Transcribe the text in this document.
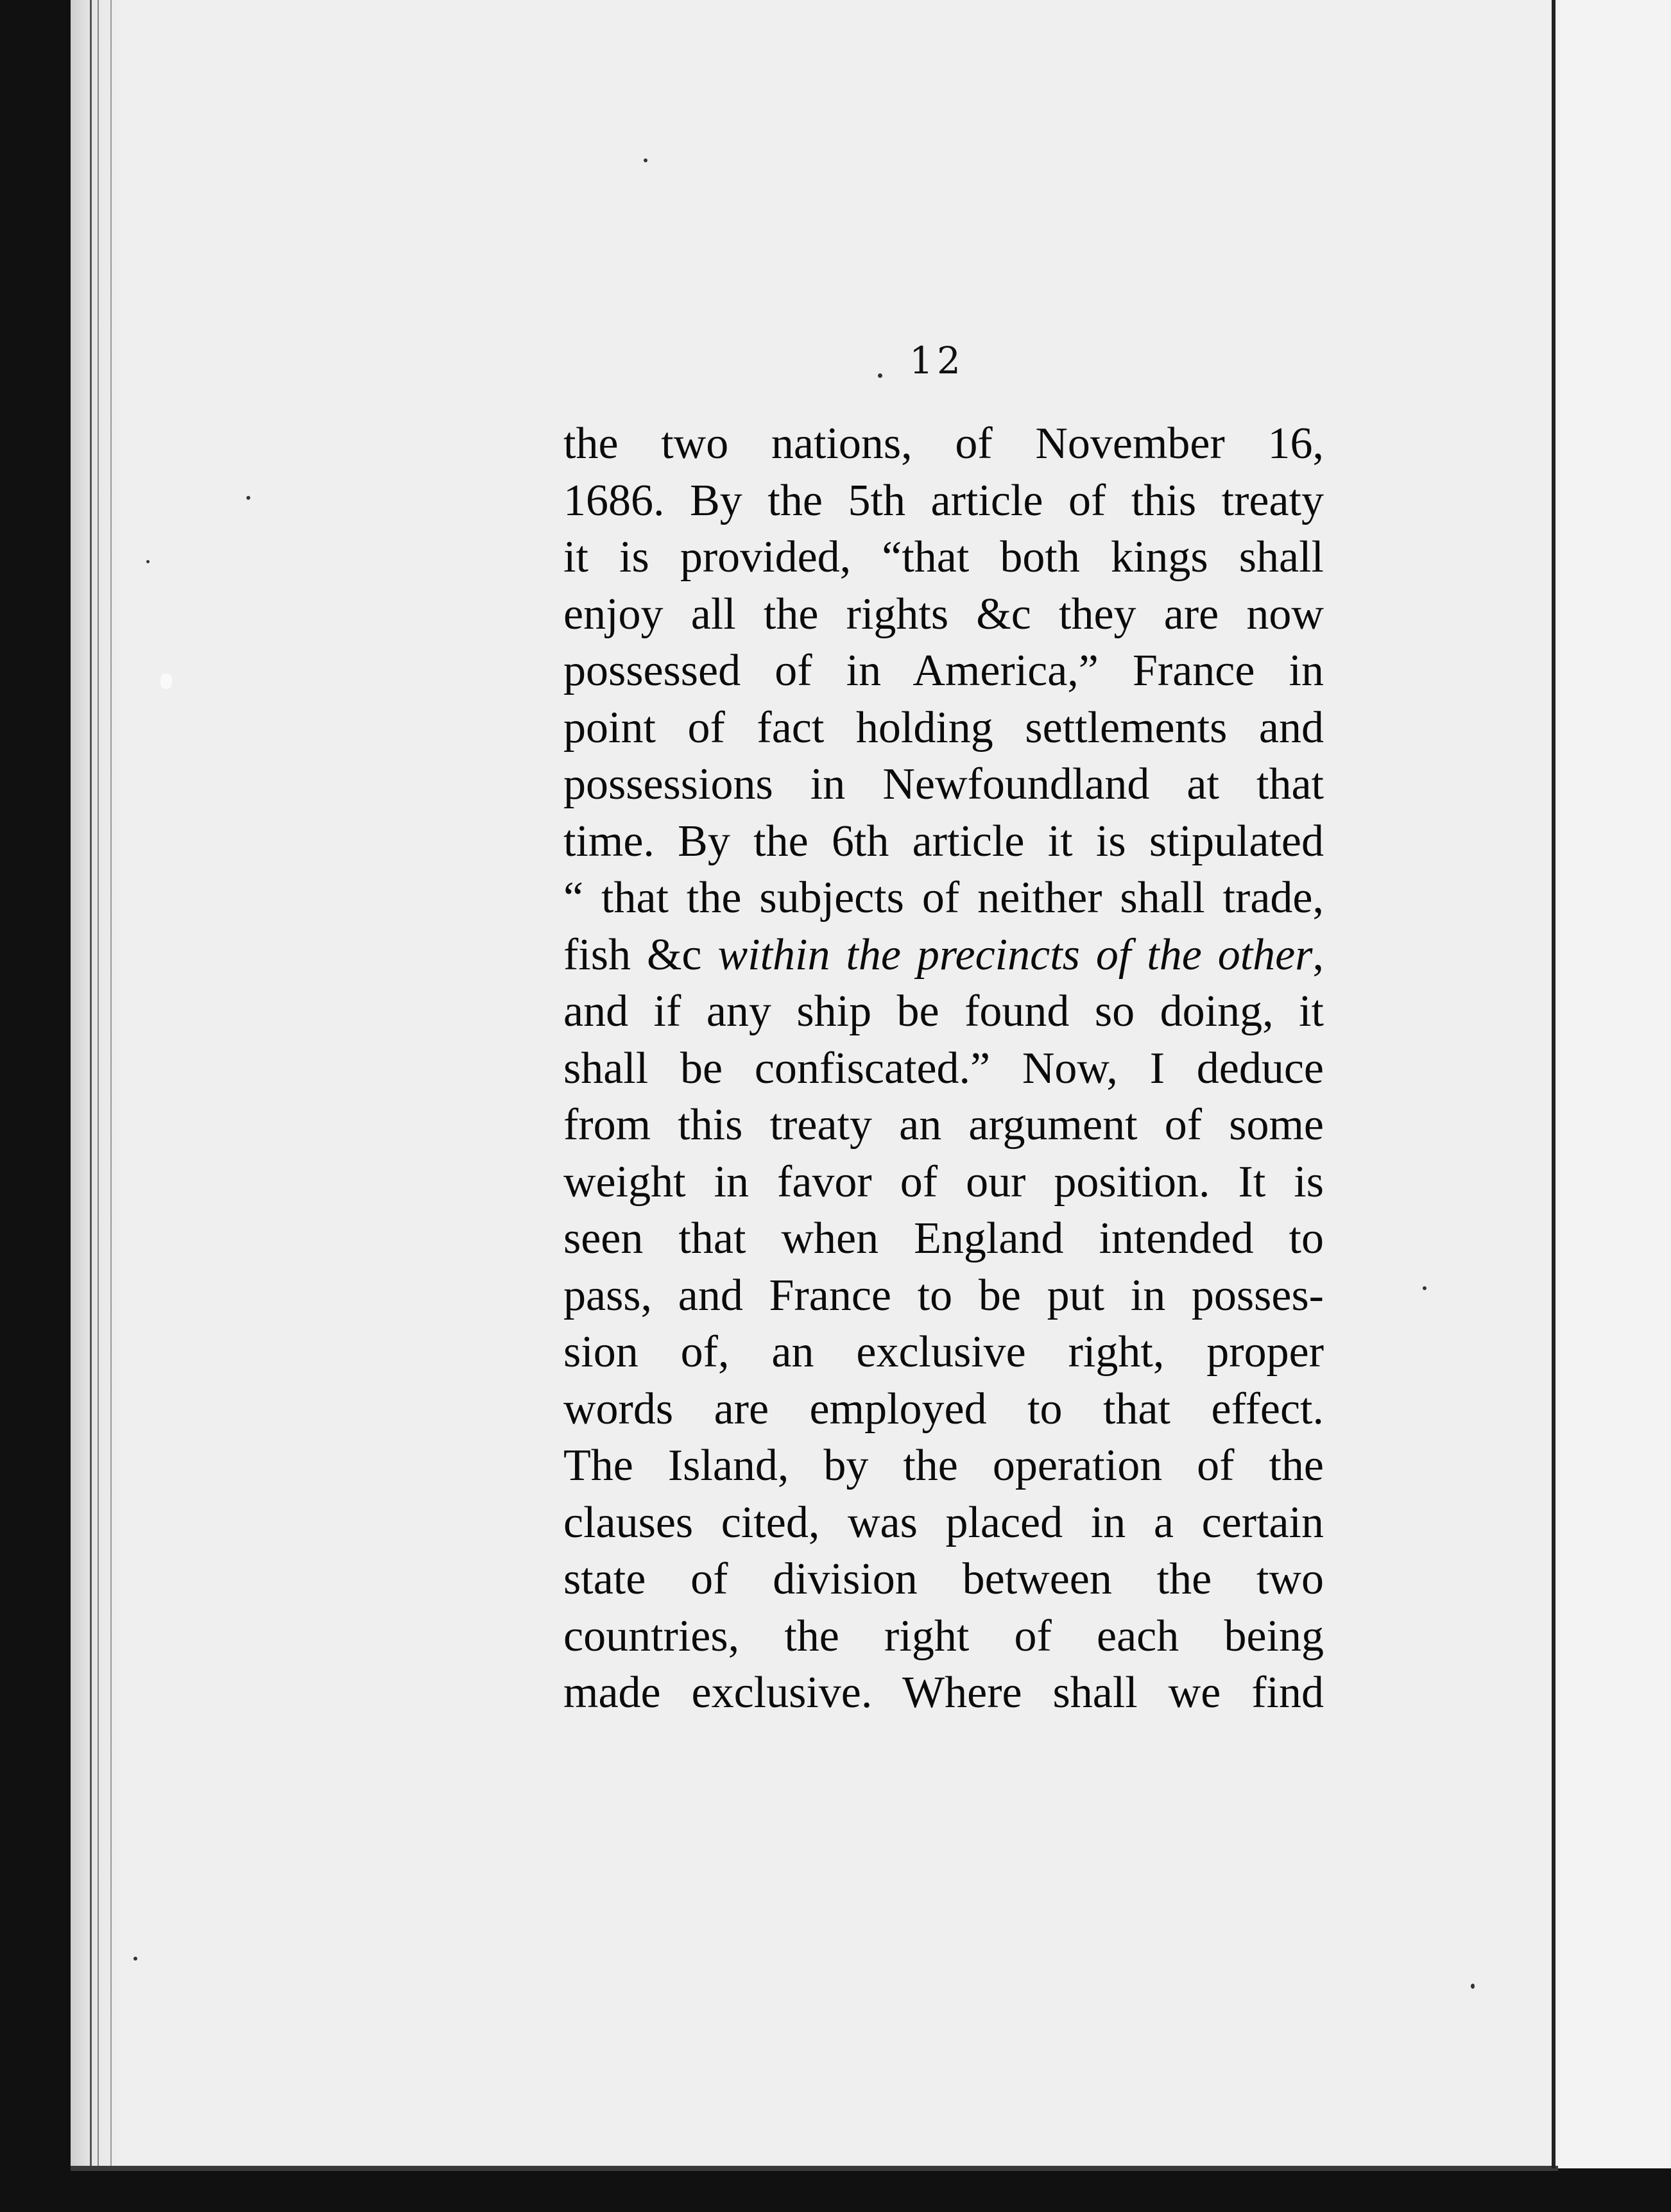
12
the two nations, of November 16,
1686. By the 5th article of this treaty
it is provided, “that both kings shall
enjoy all the rights &c they are now
possessed of in America,” France in
point of fact holding settlements and
possessions in Newfoundland at that
time. By the 6th article it is stipulated
“ that the subjects of neither shall trade,
fish &c within the precincts of the other,
and if any ship be found so doing, it
shall be confiscated.” Now, I deduce
from this treaty an argument of some
weight in favor of our position. It is
seen that when England intended to
pass, and France to be put in posses-
sion of, an exclusive right, proper
words are employed to that effect.
The Island, by the operation of the
clauses cited, was placed in a certain
state of division between the two
countries, the right of each being
made exclusive. Where shall we find
